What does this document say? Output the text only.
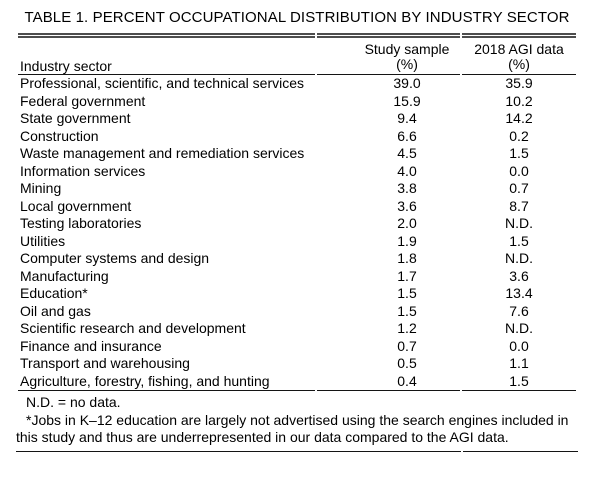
TABLE 1. PERCENT OCCUPATIONAL DISTRIBUTION BY INDUSTRY SECTOR
Industry sector	Study sample	2018 AGI data
	(%)	(%)
Professional, scientific, and technical services	39.0	35.9
Federal government	15.9	10.2
State government	9.4	14.2
Construction	6.6	0.2
Waste management and remediation services	4.5	1.5
Information services	4.0	0.0
Mining	3.8	0.7
Local government	3.6	8.7
Testing laboratories	2.0	N.D.
Utilities	1.9	1.5
Computer systems and design	1.8	N.D.
Manufacturing	1.7	3.6
Education*	1.5	13.4
Oil and gas	1.5	7.6
Scientific research and development	1.2	N.D.
Finance and insurance	0.7	0.0
Transport and warehousing	0.5	1.1
Agriculture, forestry, fishing, and hunting	0.4	1.5

N.D. = no data.

*Jobs in K–12 education are largely not advertised using the search engines included in this study and thus are underrepresented in our data compared to the AGI data.
